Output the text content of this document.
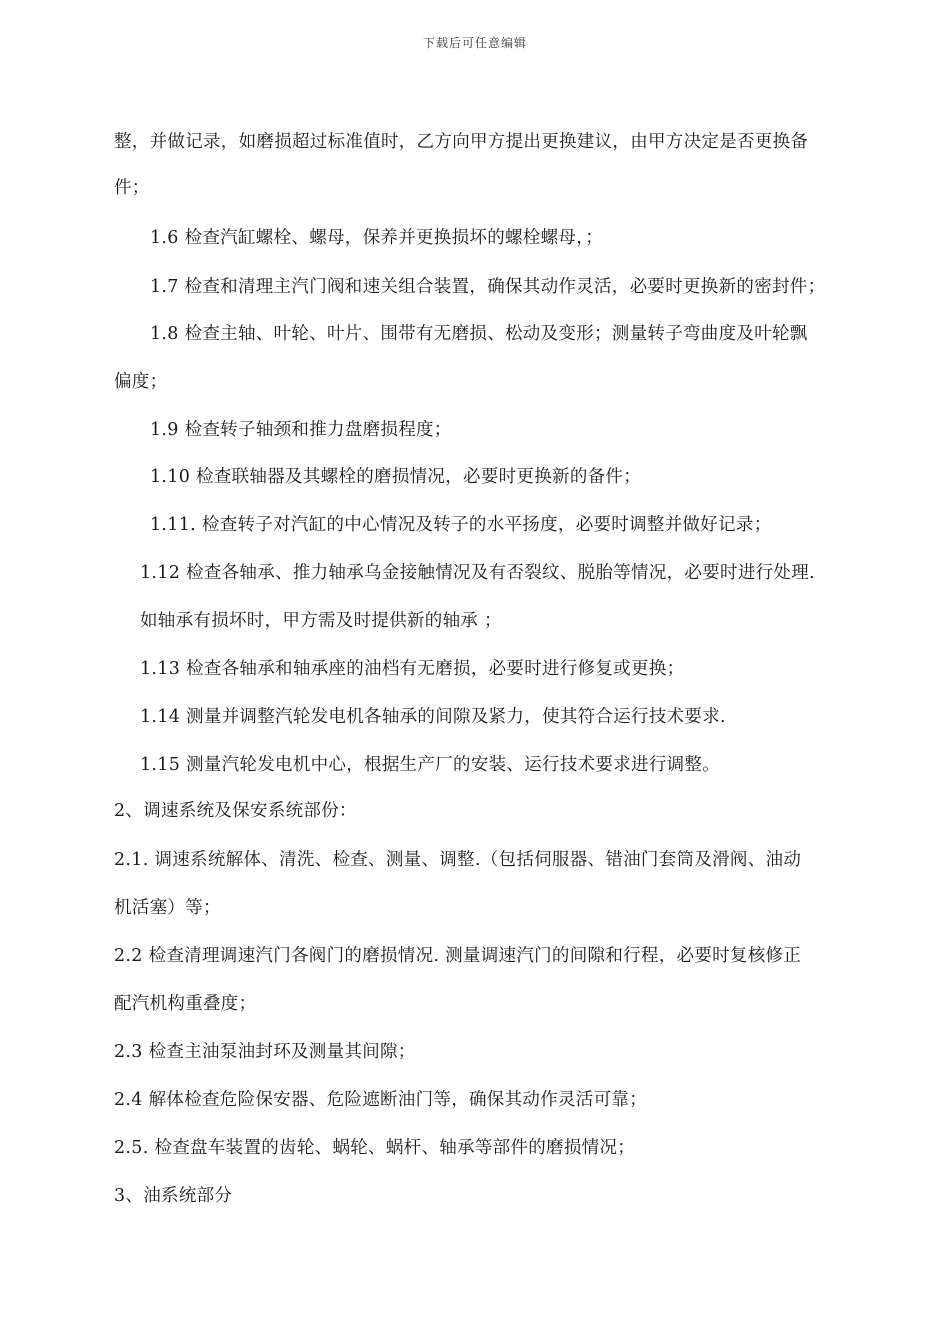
下载后可任意编辑
整，并做记录，如磨损超过标准值时，乙方向甲方提出更换建议，由甲方决定是否更换备
件；
1.6 检查汽缸螺栓、螺母，保养并更换损坏的螺栓螺母，；
1.7 检查和清理主汽门阀和速关组合装置，确保其动作灵活，必要时更换新的密封件；
1.8 检查主轴、叶轮、叶片、围带有无磨损、松动及变形；测量转子弯曲度及叶轮飘
偏度；
1.9 检查转子轴颈和推力盘磨损程度；
1.10 检查联轴器及其螺栓的磨损情况，必要时更换新的备件；
1.11. 检查转子对汽缸的中心情况及转子的水平扬度，必要时调整并做好记录；
1.12 检查各轴承、推力轴承乌金接触情况及有否裂纹、脱胎等情况，必要时进行处理.
如轴承有损坏时，甲方需及时提供新的轴承 ；
1.13 检查各轴承和轴承座的油档有无磨损，必要时进行修复或更换；
1.14 测量并调整汽轮发电机各轴承的间隙及紧力，使其符合运行技术要求.
1.15 测量汽轮发电机中心，根据生产厂的安装、运行技术要求进行调整。
2、调速系统及保安系统部份：
2.1. 调速系统解体、清洗、检查、测量、调整.（包括伺服器、错油门套筒及滑阀、油动
机活塞）等；
2.2 检查清理调速汽门各阀门的磨损情况. 测量调速汽门的间隙和行程，必要时复核修正
配汽机构重叠度；
2.3 检查主油泵油封环及测量其间隙；
2.4 解体检查危险保安器、危险遮断油门等，确保其动作灵活可靠；
2.5. 检查盘车装置的齿轮、蜗轮、蜗杆、轴承等部件的磨损情况；
3、油系统部分
